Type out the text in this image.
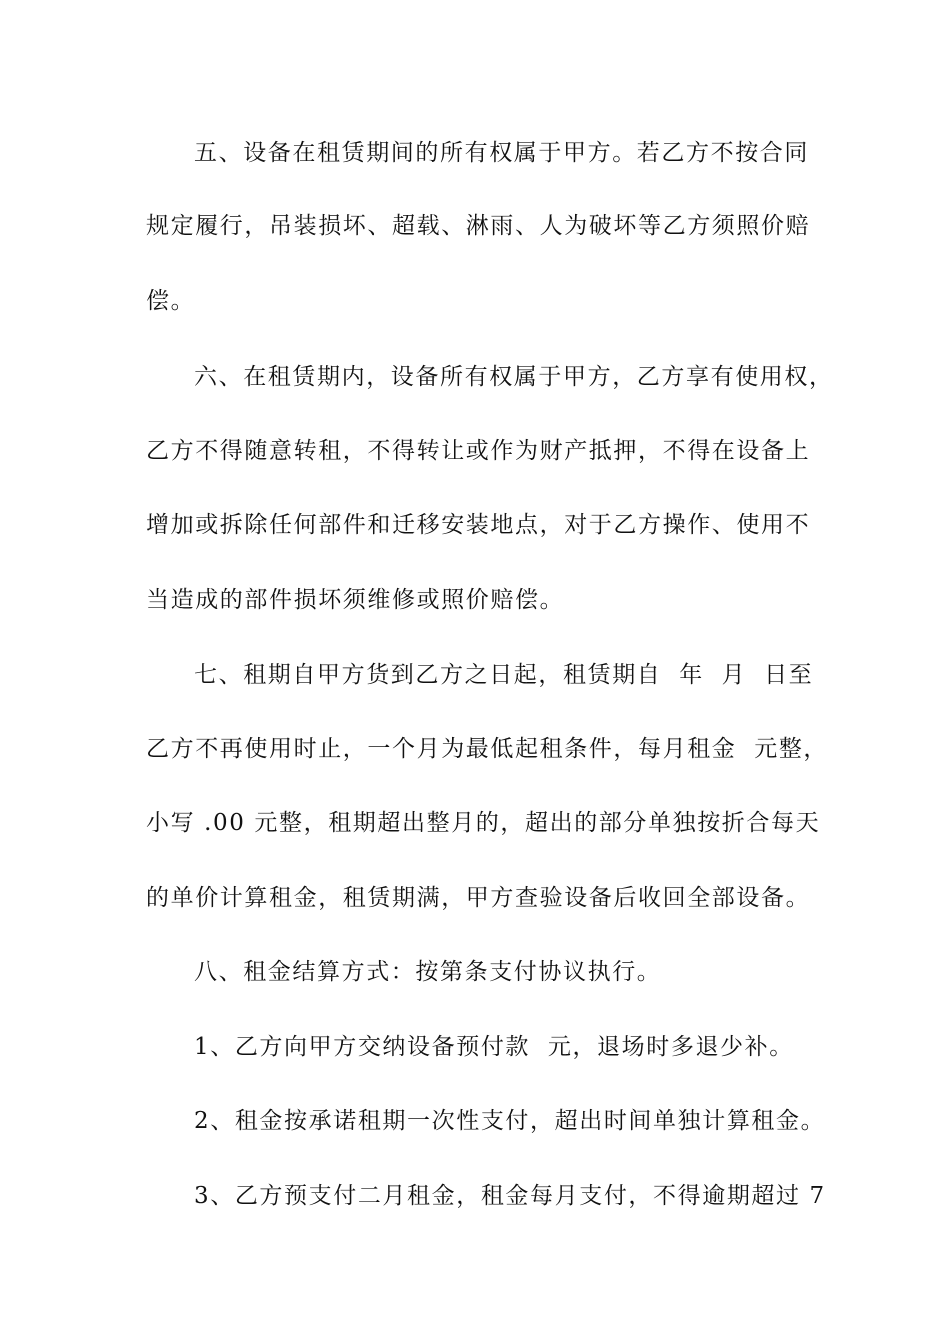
五、设备在租赁期间的所有权属于甲方。若乙方不按合同
规定履行，吊装损坏、超载、淋雨、人为破坏等乙方须照价赔
偿。
六、在租赁期内，设备所有权属于甲方，乙方享有使用权，
乙方不得随意转租，不得转让或作为财产抵押，不得在设备上
增加或拆除任何部件和迁移安装地点，对于乙方操作、使用不
当造成的部件损坏须维修或照价赔偿。
七、租期自甲方货到乙方之日起，租赁期自  年  月  日至
乙方不再使用时止，一个月为最低起租条件，每月租金  元整，
小写 .00 元整，租期超出整月的，超出的部分单独按折合每天
的单价计算租金，租赁期满，甲方查验设备后收回全部设备。
八、租金结算方式：按第条支付协议执行。
1、乙方向甲方交纳设备预付款  元，退场时多退少补。
2、租金按承诺租期一次性支付，超出时间单独计算租金。
3、乙方预支付二月租金，租金每月支付，不得逾期超过 7
